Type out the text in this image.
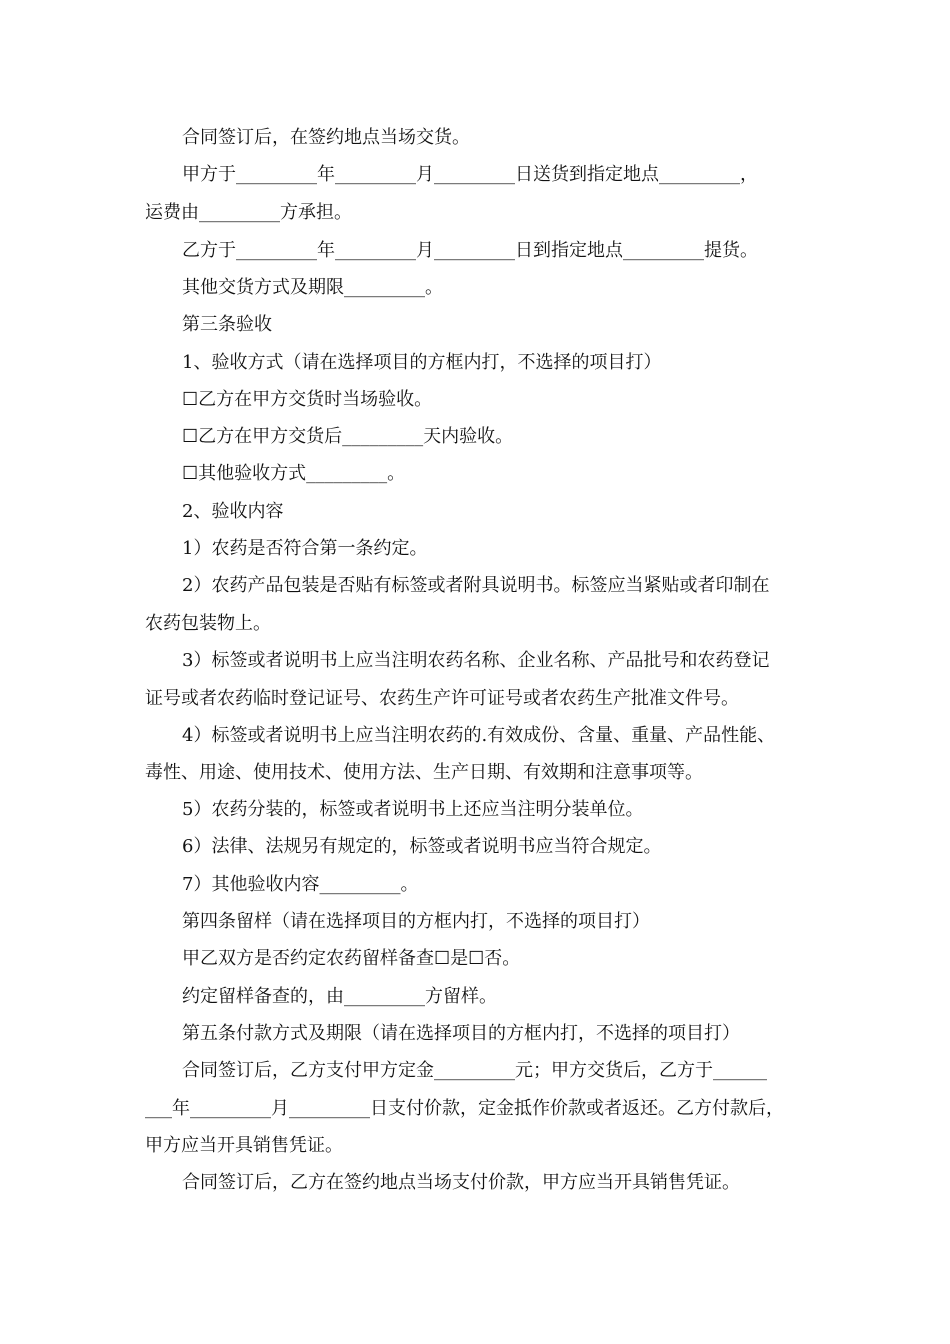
合同签订后，在签约地点当场交货。
甲方于_________年_________月_________日送货到指定地点_________，
运费由_________方承担。
乙方于_________年_________月_________日到指定地点_________提货。
其他交货方式及期限_________。
第三条验收
1、验收方式（请在选择项目的方框内打，不选择的项目打）
☐乙方在甲方交货时当场验收。
☐乙方在甲方交货后_________天内验收。
☐其他验收方式_________。
2、验收内容
1）农药是否符合第一条约定。
2）农药产品包装是否贴有标签或者附具说明书。标签应当紧贴或者印制在
农药包装物上。
3）标签或者说明书上应当注明农药名称、企业名称、产品批号和农药登记
证号或者农药临时登记证号、农药生产许可证号或者农药生产批准文件号。
4）标签或者说明书上应当注明农药的.有效成份、含量、重量、产品性能、
毒性、用途、使用技术、使用方法、生产日期、有效期和注意事项等。
5）农药分装的，标签或者说明书上还应当注明分装单位。
6）法律、法规另有规定的，标签或者说明书应当符合规定。
7）其他验收内容_________。
第四条留样（请在选择项目的方框内打，不选择的项目打）
甲乙双方是否约定农药留样备查☐是☐否。
约定留样备查的，由_________方留样。
第五条付款方式及期限（请在选择项目的方框内打，不选择的项目打）
合同签订后，乙方支付甲方定金_________元；甲方交货后，乙方于______
___年_________月_________日支付价款，定金抵作价款或者返还。乙方付款后，
甲方应当开具销售凭证。
合同签订后，乙方在签约地点当场支付价款，甲方应当开具销售凭证。
